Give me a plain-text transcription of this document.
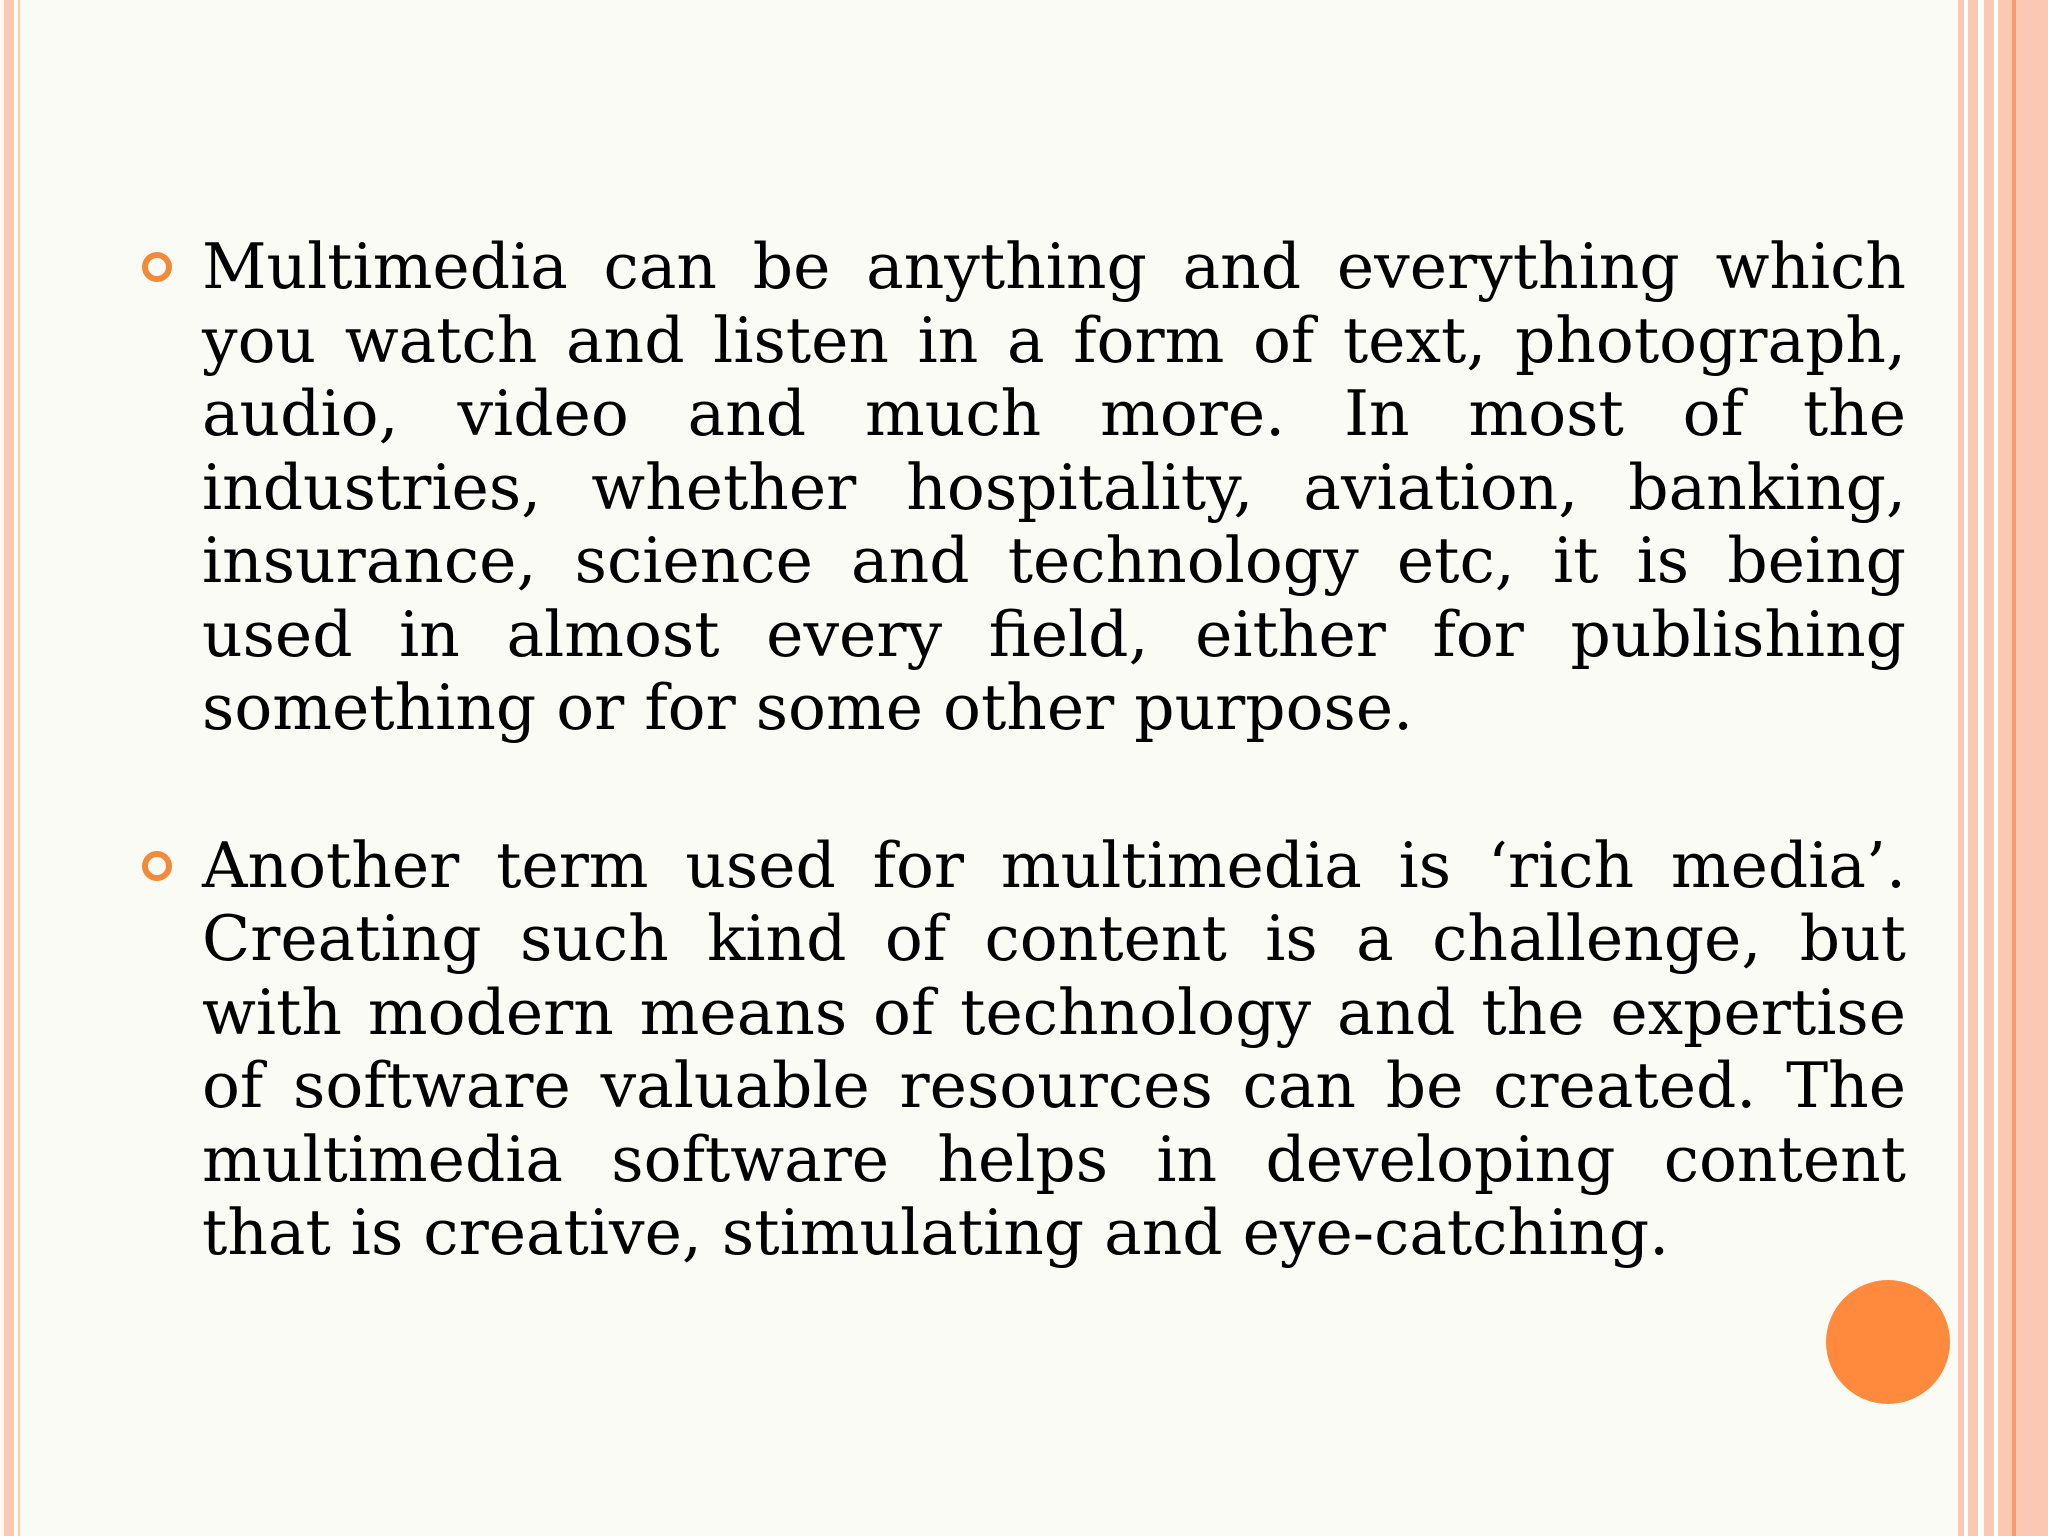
Multimedia can be anything and everything which you watch and listen in a form of text, photograph, audio, video and much more. In most of the industries, whether hospitality, aviation, banking, insurance, science and technology etc, it is being used in almost every field, either for publishing something or for some other purpose.

Another term used for multimedia is ‘rich media’. Creating such kind of content is a challenge, but with modern means of technology and the expertise of software valuable resources can be created. The multimedia software helps in developing content that is creative, stimulating and eye-catching.
